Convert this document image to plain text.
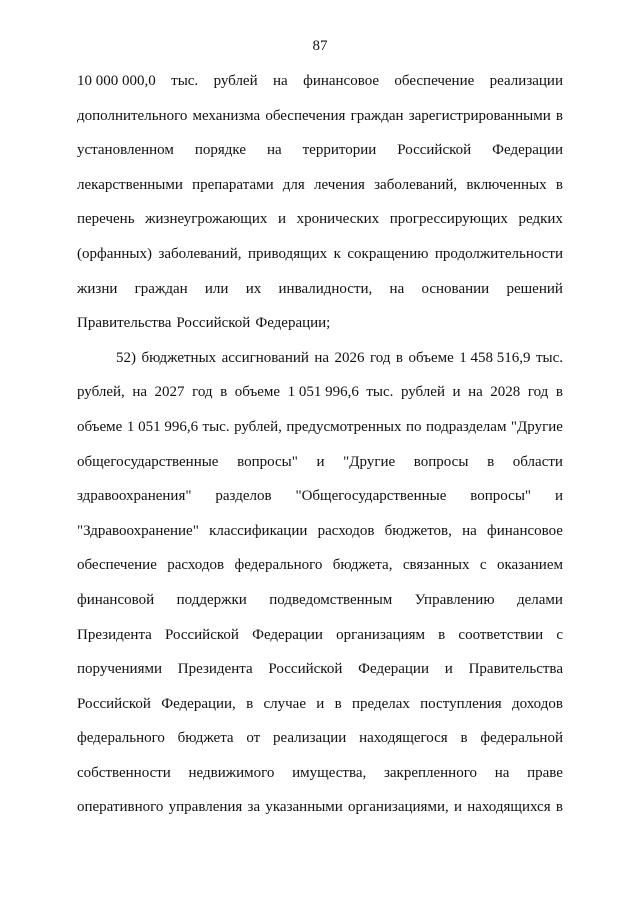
87
10 000 000,0 тыс. рублей на финансовое обеспечение реализации
дополнительного механизма обеспечения граждан зарегистрированными в
установленном порядке на территории Российской Федерации
лекарственными препаратами для лечения заболеваний, включенных в
перечень жизнеугрожающих и хронических прогрессирующих редких
(орфанных) заболеваний, приводящих к сокращению продолжительности
жизни граждан или их инвалидности, на основании решений
Правительства Российской Федерации;
52) бюджетных ассигнований на 2026 год в объеме 1 458 516,9 тыс.
рублей, на 2027 год в объеме 1 051 996,6 тыс. рублей и на 2028 год в
объеме 1 051 996,6 тыс. рублей, предусмотренных по подразделам "Другие
общегосударственные вопросы" и "Другие вопросы в области
здравоохранения" разделов "Общегосударственные вопросы" и
"Здравоохранение" классификации расходов бюджетов, на финансовое
обеспечение расходов федерального бюджета, связанных с оказанием
финансовой поддержки подведомственным Управлению делами
Президента Российской Федерации организациям в соответствии с
поручениями Президента Российской Федерации и Правительства
Российской Федерации, в случае и в пределах поступления доходов
федерального бюджета от реализации находящегося в федеральной
собственности недвижимого имущества, закрепленного на праве
оперативного управления за указанными организациями, и находящихся в
